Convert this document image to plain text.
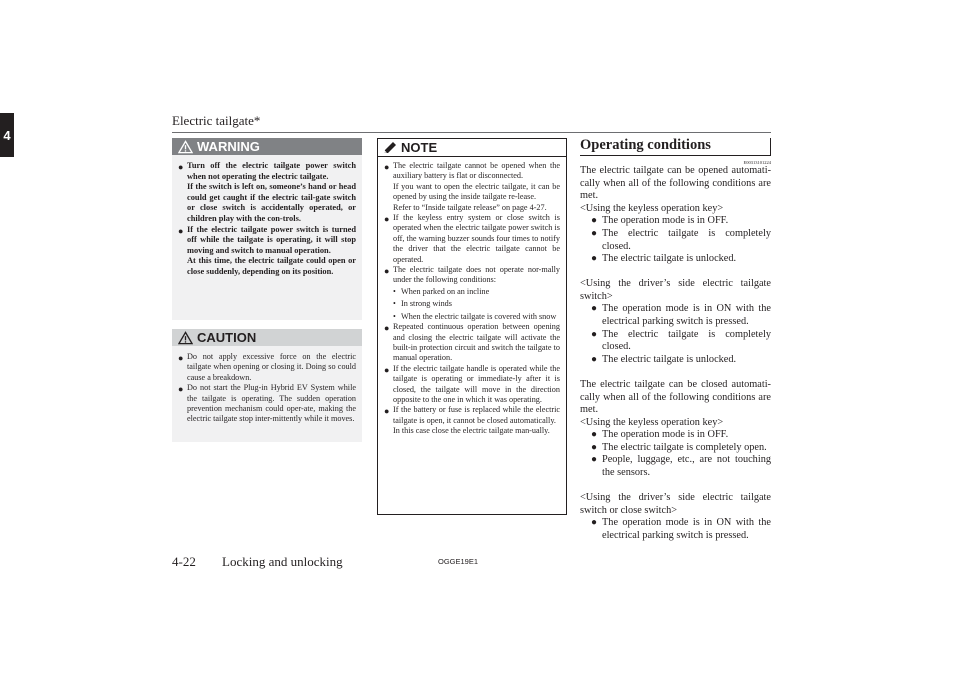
Electric tailgate*
4
WARNING
● Turn off the electric tailgate power switch when not operating the electric tailgate.
If the switch is left on, someone’s hand or head could get caught if the electric tail-gate switch or close switch is accidentally operated, or children play with the con-trols.
● If the electric tailgate power switch is turned off while the tailgate is operating, it will stop moving and switch to manual operation.
At this time, the electric tailgate could open or close suddenly, depending on its position.
CAUTION
● Do not apply excessive force on the electric tailgate when opening or closing it. Doing so could cause a breakdown.
● Do not start the Plug-in Hybrid EV System while the tailgate is operating. The sudden operation prevention mechanism could oper-ate, making the electric tailgate stop inter-mittently while it moves.
NOTE
● The electric tailgate cannot be opened when the auxiliary battery is flat or disconnected.
If you want to open the electric tailgate, it can be opened by using the inside tailgate re-lease.
Refer to “Inside tailgate release” on page 4-27.
● If the keyless entry system or close switch is operated when the electric tailgate power switch is off, the warning buzzer sounds four times to notify the driver that the electric tailgate cannot be operated.
● The electric tailgate does not operate nor-mally under the following conditions:
• When parked on an incline
• In strong winds
• When the electric tailgate is covered with snow
● Repeated continuous operation between opening and closing the electric tailgate will activate the built-in protection circuit and switch the tailgate to manual operation.
● If the electric tailgate handle is operated while the tailgate is operating or immediate-ly after it is closed, the tailgate will move in the direction opposite to the one in which it was operating.
● If the battery or fuse is replaced while the electric tailgate is open, it cannot be closed automatically.
In this case close the electric tailgate man-ually.
Operating conditions
E00313101224

The electric tailgate can be opened automati-cally when all of the following conditions are met.

<Using the keyless operation key>

● The operation mode is in OFF.
● The electric tailgate is completely closed.
● The electric tailgate is unlocked.

<Using the driver’s side electric tailgate switch>

● The operation mode is in ON with the electrical parking switch is pressed.
● The electric tailgate is completely closed.
● The electric tailgate is unlocked.

The electric tailgate can be closed automati-cally when all of the following conditions are met.

<Using the keyless operation key>

● The operation mode is in OFF.
● The electric tailgate is completely open.
● People, luggage, etc., are not touching the sensors.

<Using the driver’s side electric tailgate switch or close switch>

● The operation mode is in ON with the electrical parking switch is pressed.
4-22 Locking and unlocking	OGGE19E1
